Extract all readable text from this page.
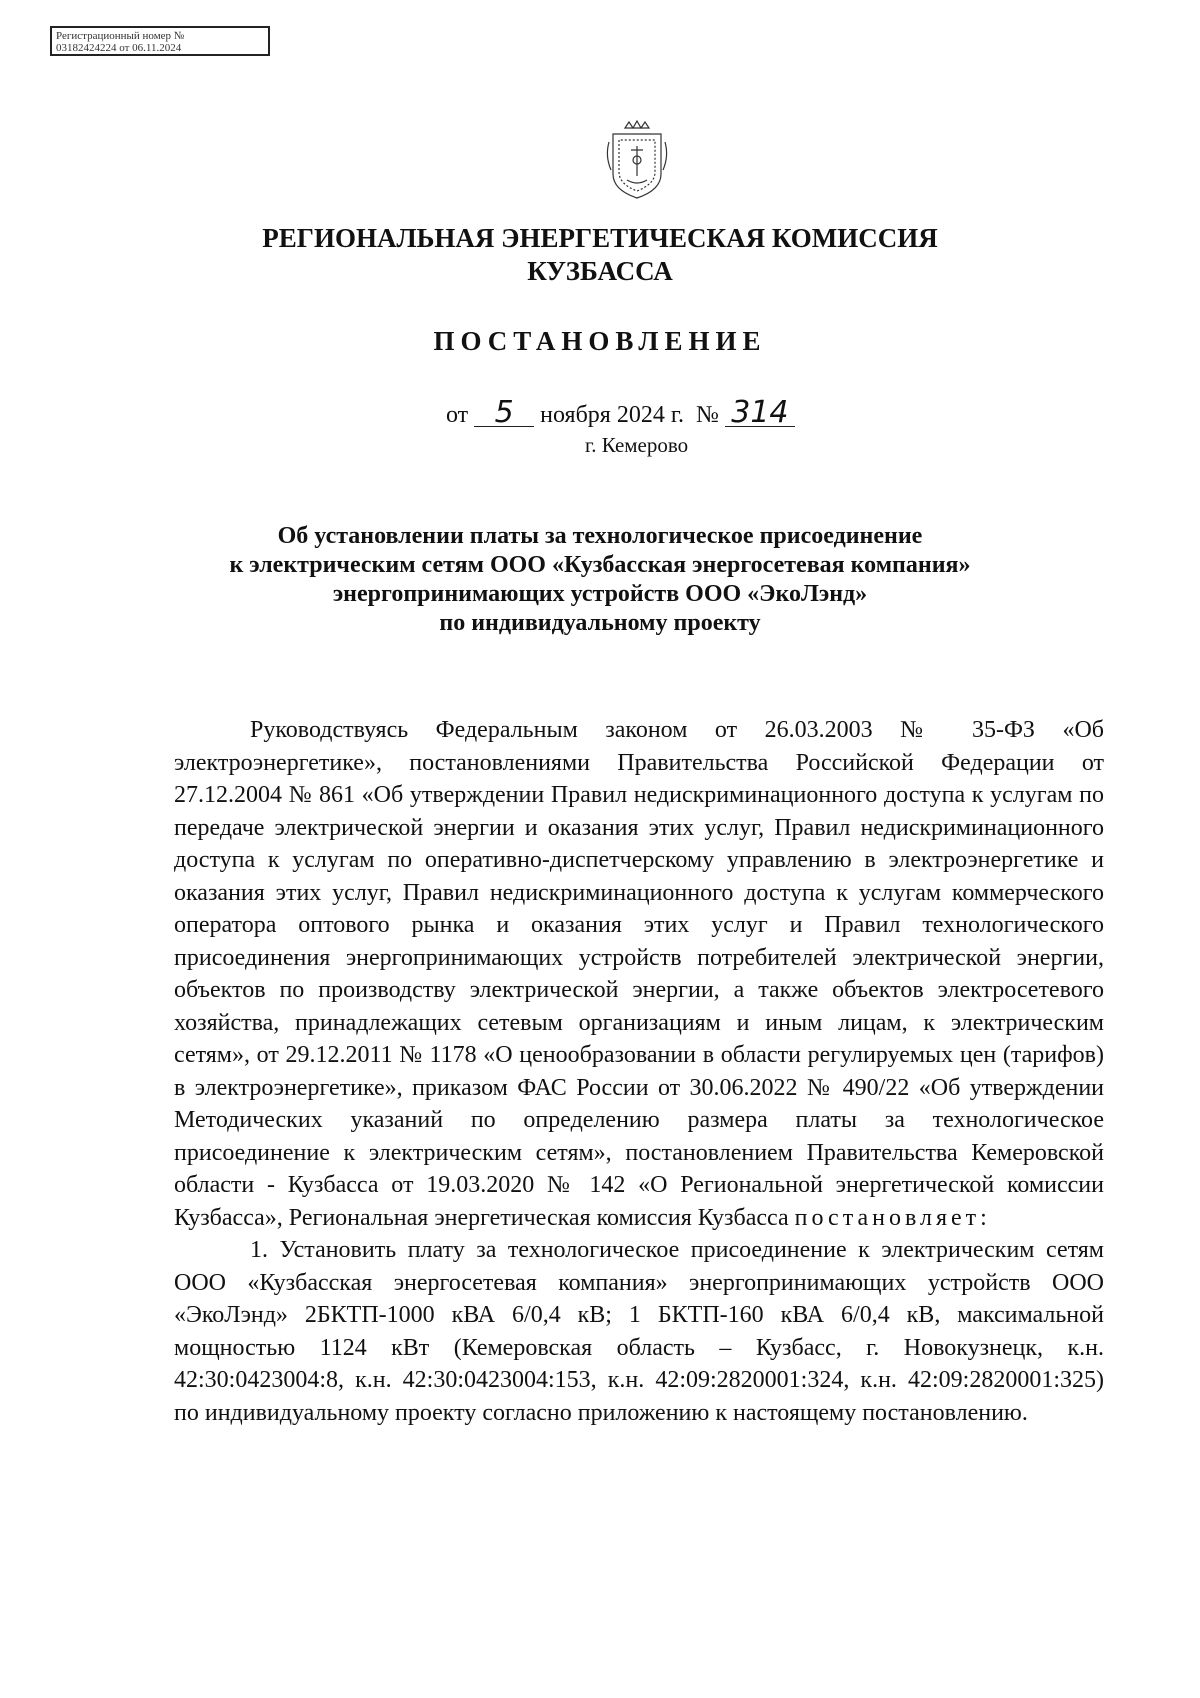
Регистрационный номер №
03182424224 от 06.11.2024
РЕГИОНАЛЬНАЯ ЭНЕРГЕТИЧЕСКАЯ КОМИССИЯ
КУЗБАССА
ПОСТАНОВЛЕНИЕ
от 5 ноября 2024 г. № 314
г. Кемерово
Об установлении платы за технологическое присоединение
к электрическим сетям ООО «Кузбасская энергосетевая компания»
энергопринимающих устройств ООО «ЭкоЛэнд»
по индивидуальному проекту

Руководствуясь Федеральным законом от 26.03.2003 № 35-ФЗ «Об электроэнергетике», постановлениями Правительства Российской Федерации от 27.12.2004 № 861 «Об утверждении Правил недискриминационного доступа к услугам по передаче электрической энергии и оказания этих услуг, Правил недискриминационного доступа к услугам по оперативно-диспетчерскому управлению в электроэнергетике и оказания этих услуг, Правил недискриминационного доступа к услугам коммерческого оператора оптового рынка и оказания этих услуг и Правил технологического присоединения энергопринимающих устройств потребителей электрической энергии, объектов по производству электрической энергии, а также объектов электросетевого хозяйства, принадлежащих сетевым организациям и иным лицам, к электрическим сетям», от 29.12.2011 № 1178 «О ценообразовании в области регулируемых цен (тарифов) в электроэнергетике», приказом ФАС России от 30.06.2022 № 490/22 «Об утверждении Методических указаний по определению размера платы за технологическое присоединение к электрическим сетям», постановлением Правительства Кемеровской области - Кузбасса от 19.03.2020 № 142 «О Региональной энергетической комиссии Кузбасса», Региональная энергетическая комиссия Кузбасса постановляет:

1. Установить плату за технологическое присоединение к электрическим сетям ООО «Кузбасская энергосетевая компания» энергопринимающих устройств ООО «ЭкоЛэнд» 2БКТП-1000 кВА 6/0,4 кВ; 1 БКТП-160 кВА 6/0,4 кВ, максимальной мощностью 1124 кВт (Кемеровская область – Кузбасс, г. Новокузнецк, к.н. 42:30:0423004:8, к.н. 42:30:0423004:153, к.н. 42:09:2820001:324, к.н. 42:09:2820001:325) по индивидуальному проекту согласно приложению к настоящему постановлению.
